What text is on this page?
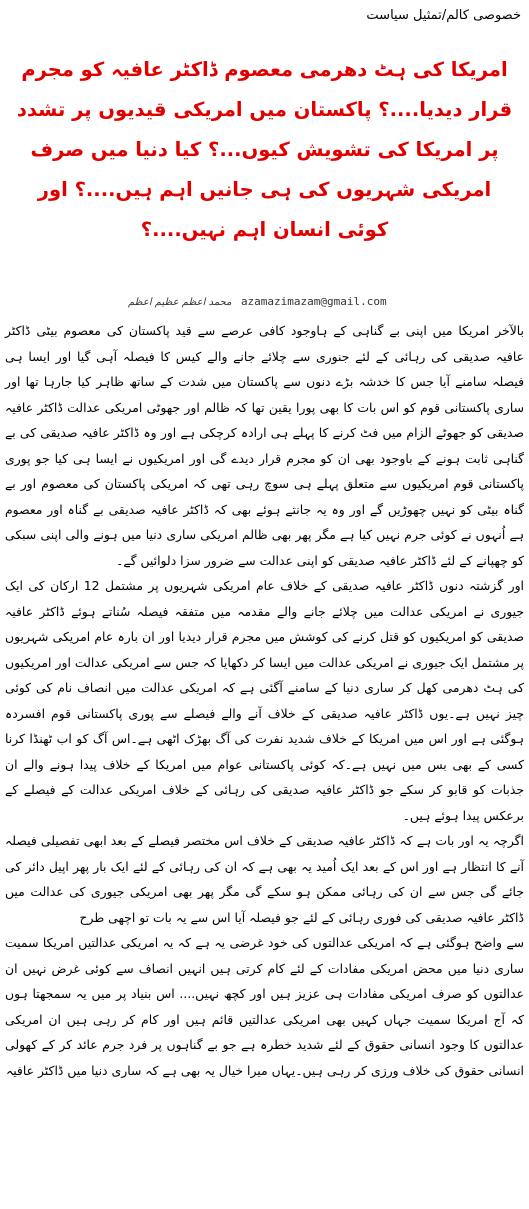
خصوصی کالم/تمثیل سیاست
امریکا کی ہٹ دھرمی معصوم ڈاکٹر عافیہ کو مجرم قرار دیدیا....؟ پاکستان میں امریکی قیدیوں پر تشدد پر امریکا کی تشویش کیوں...؟ کیا دنیا میں صرف امریکی شہریوں کی ہی جانیں اہم ہیں....؟ اور کوئی انسان اہم نہیں....؟
محمد اعظم عظیم اعظم azamazimazam@gmail.com

بالآخر امریکا میں اپنی بے گناہی کے ہاوجود کافی عرصے سے قید پاکستان کی معصوم بیٹی ڈاکٹر عافیہ صدیقی کی رہائی کے لئے جنوری سے چلائے جانے والے کیس کا فیصلہ آہی گیا اور ایسا ہی فیصلہ سامنے آیا جس کا خدشہ بڑے دنوں سے پاکستان میں شدت کے ساتھ ظاہر کیا جارہا تھا اور ساری پاکستانی قوم کو اس بات کا بھی پورا یقین تھا کہ ظالم اور جھوٹی امریکی عدالت ڈاکٹر عافیہ صدیقی کو جھوٹے الزام میں فٹ کرنے کا پہلے ہی ارادہ کرچکی ہے اور وہ ڈاکٹر عافیہ صدیقی کی بے گناہی ثابت ہونے کے باوجود بھی ان کو مجرم قرار دیدے گی اور امریکیوں نے ایسا ہی کیا جو پوری پاکستانی قوم امریکیوں سے متعلق پہلے ہی سوچ رہی تھی کہ امریکی پاکستان کی معصوم اور بے گناہ بیٹی کو نہیں چھوڑیں گے اور وہ یہ جانتے ہوئے بھی کہ ڈاکٹر عافیہ صدیقی بے گناہ اور معصوم ہے اُنہوں نے کوئی جرم نہیں کیا ہے مگر پھر بھی ظالم امریکی ساری دنیا میں ہونے والی اپنی سبکی کو چھپانے کے لئے ڈاکٹر عافیہ صدیقی کو اپنی عدالت سے ضرور سزا دلوائیں گے۔

اور گزشتہ دنوں ڈاکٹر عافیہ صدیقی کے خلاف عام امریکی شہریوں پر مشتمل 12 ارکان کی ایک جیوری نے امریکی عدالت میں چلائے جانے والے مقدمہ میں متفقہ فیصلہ سُناتے ہوئے ڈاکٹر عافیہ صدیقی کو امریکیوں کو قتل کرنے کی کوشش میں مجرم قرار دیدیا اور ان بارہ عام امریکی شہریوں پر مشتمل ایک جیوری نے امریکی عدالت میں ایسا کر دکھایا کہ جس سے امریکی عدالت اور امریکیوں کی ہٹ دھرمی کھل کر ساری دنیا کے سامنے آگئی ہے کہ امریکی عدالت میں انصاف نام کی کوئی چیز نہیں ہے۔یوں ڈاکٹر عافیہ صدیقی کے خلاف آنے والے فیصلے سے پوری پاکستانی قوم افسردہ ہوگئی ہے اور اس میں امریکا کے خلاف شدید نفرت کی آگ بھڑک اٹھی ہے۔اس آگ کو اب ٹھنڈا کرنا کسی کے بھی بس میں نہیں ہے۔کہ کوئی پاکستانی عوام میں امریکا کے خلاف پیدا ہونے والے ان جذبات کو قابو کر سکے جو ڈاکٹر عافیہ صدیقی کی رہائی کے خلاف امریکی عدالت کے فیصلے کے برعکس پیدا ہوئے ہیں۔

اگرچہ یہ اور بات ہے کہ ڈاکٹر عافیہ صدیقی کے خلاف اس مختصر فیصلے کے بعد ابھی تفصیلی فیصلہ آنے کا انتظار ہے اور اس کے بعد ایک اُمید یہ بھی ہے کہ ان کی رہائی کے لئے ایک بار پھر اپیل دائر کی جائے گی جس سے ان کی رہائی ممکن ہو سکے گی مگر پھر بھی امریکی جیوری کی عدالت میں ڈاکٹر عافیہ صدیقی کی فوری رہائی کے لئے جو فیصلہ آیا اس سے یہ بات تو اچھی طرح

سے واضح ہوگئی ہے کہ امریکی عدالتوں کی خود غرضی یہ ہے کہ یہ امریکی عدالتیں امریکا سمیت ساری دنیا میں محض امریکی مفادات کے لئے کام کرتی ہیں انہیں انصاف سے کوئی غرض نہیں ان عدالتوں کو صرف امریکی مفادات ہی عزیز ہیں اور کچھ نہیں.... اس بنیاد پر میں یہ سمجھتا ہوں کہ آج امریکا سمیت جہاں کہیں بھی امریکی عدالتیں قائم ہیں اور کام کر رہی ہیں ان امریکی عدالتوں کا وجود انسانی حقوق کے لئے شدید خطرہ ہے جو بے گناہوں پر فرد جرم عائد کر کے کھولی انسانی حقوق کی خلاف ورزی کر رہی ہیں۔یہاں میرا خیال یہ بھی ہے کہ ساری دنیا میں ڈاکٹر عافیہ
